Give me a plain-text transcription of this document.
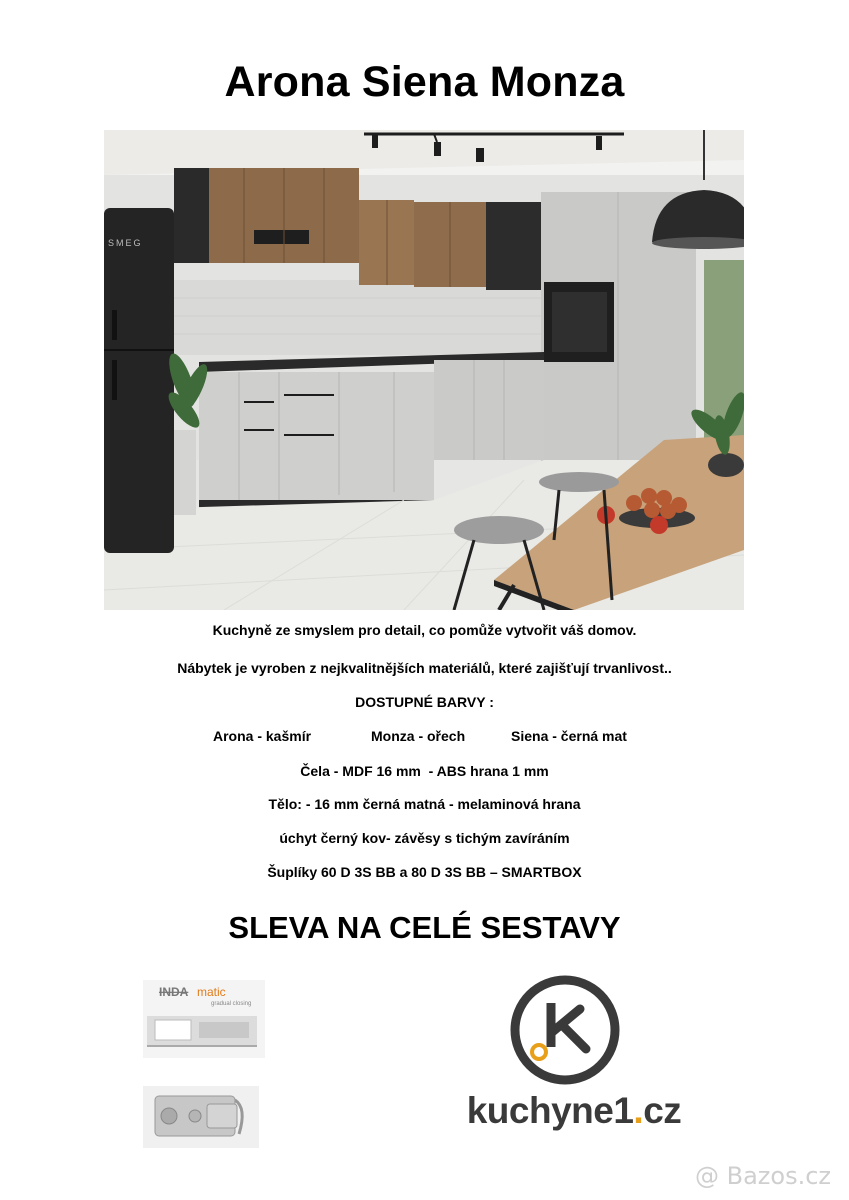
Arona Siena Monza
SMEG
Kuchyně ze smyslem pro detail, co pomůže vytvořit váš domov.
Nábytek je vyroben z nejkvalitnějších materiálů, které zajišťují trvanlivost..
DOSTUPNÉ BARVY :
Arona - kašmír	Monza - ořech	Siena - černá mat
Čela - MDF 16 mm  - ABS hrana 1 mm
Tělo: - 16 mm černá matná - melaminová hrana
úchyt černý kov- závěsy s tichým zavíráním
Šuplíky 60 D 3S BB a 80 D 3S BB – SMARTBOX
SLEVA NA CELÉ SESTAVY
INDA matic
gradual closing
kuchyne1.cz
@ Bazos.cz
